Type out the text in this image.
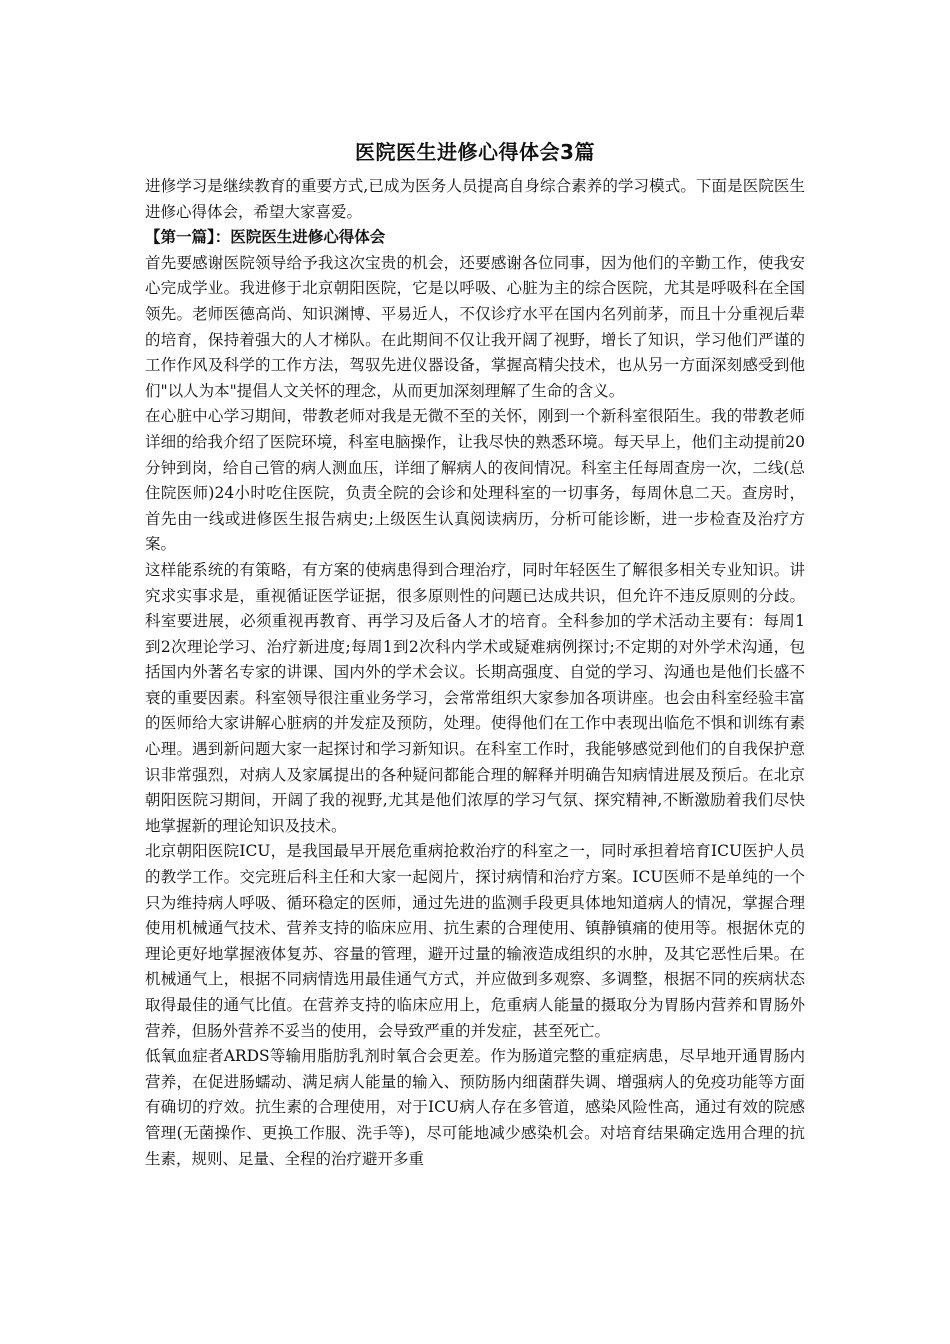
医院医生进修心得体会3篇

进修学习是继续教育的重要方式,已成为医务人员提高自身综合素养的学习模式。下面是医院医生进修心得体会，希望大家喜爱。

【第一篇】：医院医生进修心得体会

首先要感谢医院领导给予我这次宝贵的机会，还要感谢各位同事，因为他们的辛勤工作，使我安心完成学业。我进修于北京朝阳医院，它是以呼吸、心脏为主的综合医院，尤其是呼吸科在全国领先。老师医德高尚、知识渊博、平易近人，不仅诊疗水平在国内名列前茅，而且十分重视后辈的培育，保持着强大的人才梯队。在此期间不仅让我开阔了视野，增长了知识，学习他们严谨的工作作风及科学的工作方法，驾驭先进仪器设备，掌握高精尖技术，也从另一方面深刻感受到他们"以人为本"提倡人文关怀的理念，从而更加深刻理解了生命的含义。

在心脏中心学习期间，带教老师对我是无微不至的关怀，刚到一个新科室很陌生。我的带教老师详细的给我介绍了医院环境，科室电脑操作，让我尽快的熟悉环境。每天早上，他们主动提前20分钟到岗，给自己管的病人测血压，详细了解病人的夜间情况。科室主任每周查房一次，二线(总住院医师)24小时吃住医院，负责全院的会诊和处理科室的一切事务，每周休息二天。查房时，首先由一线或进修医生报告病史;上级医生认真阅读病历，分析可能诊断，进一步检查及治疗方案。

这样能系统的有策略，有方案的使病患得到合理治疗，同时年轻医生了解很多相关专业知识。讲究求实事求是，重视循证医学证据，很多原则性的问题已达成共识，但允许不违反原则的分歧。科室要进展，必须重视再教育、再学习及后备人才的培育。全科参加的学术活动主要有：每周1到2次理论学习、治疗新进度;每周1到2次科内学术或疑难病例探讨;不定期的对外学术沟通，包括国内外著名专家的讲课、国内外的学术会议。长期高强度、自觉的学习、沟通也是他们长盛不衰的重要因素。科室领导很注重业务学习，会常常组织大家参加各项讲座。也会由科室经验丰富的医师给大家讲解心脏病的并发症及预防，处理。使得他们在工作中表现出临危不惧和训练有素心理。遇到新问题大家一起探讨和学习新知识。在科室工作时，我能够感觉到他们的自我保护意识非常强烈，对病人及家属提出的各种疑问都能合理的解释并明确告知病情进展及预后。在北京朝阳医院习期间，开阔了我的视野,尤其是他们浓厚的学习气氛、探究精神,不断激励着我们尽快地掌握新的理论知识及技术。

北京朝阳医院ICU，是我国最早开展危重病抢救治疗的科室之一，同时承担着培育ICU医护人员的教学工作。交完班后科主任和大家一起阅片，探讨病情和治疗方案。ICU医师不是单纯的一个只为维持病人呼吸、循环稳定的医师，通过先进的监测手段更具体地知道病人的情况，掌握合理使用机械通气技术、营养支持的临床应用、抗生素的合理使用、镇静镇痛的使用等。根据休克的理论更好地掌握液体复苏、容量的管理，避开过量的输液造成组织的水肿，及其它恶性后果。在机械通气上，根据不同病情选用最佳通气方式，并应做到多观察、多调整，根据不同的疾病状态取得最佳的通气比值。在营养支持的临床应用上，危重病人能量的摄取分为胃肠内营养和胃肠外营养，但肠外营养不妥当的使用，会导致严重的并发症，甚至死亡。

低氧血症者ARDS等输用脂肪乳剂时氧合会更差。作为肠道完整的重症病患，尽早地开通胃肠内营养，在促进肠蠕动、满足病人能量的输入、预防肠内细菌群失调、增强病人的免疫功能等方面有确切的疗效。抗生素的合理使用，对于ICU病人存在多管道，感染风险性高，通过有效的院感管理(无菌操作、更换工作服、洗手等)，尽可能地减少感染机会。对培育结果确定选用合理的抗生素，规则、足量、全程的治疗避开多重
